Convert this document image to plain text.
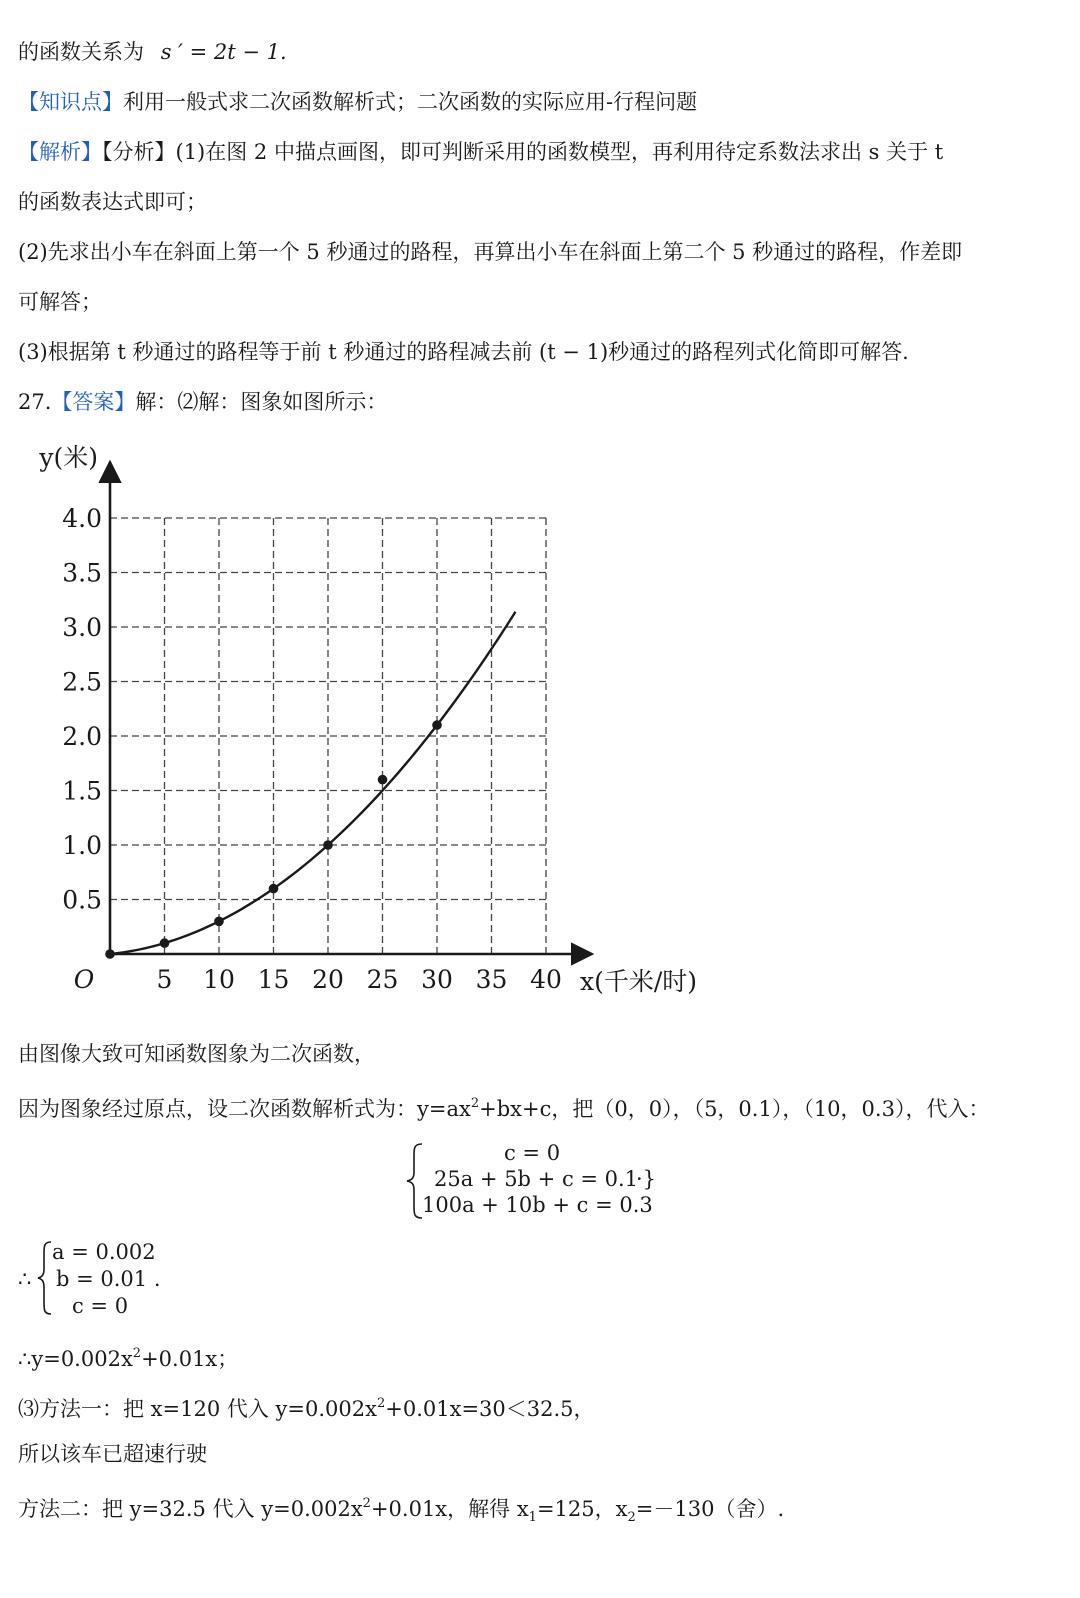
的函数关系为 s ′ = 2t − 1.
【知识点】利用一般式求二次函数解析式；二次函数的实际应用-行程问题
【解析】【分析】(1)在图 2 中描点画图，即可判断采用的函数模型，再利用待定系数法求出 s 关于 t
的函数表达式即可；
(2)先求出小车在斜面上第一个 5 秒通过的路程，再算出小车在斜面上第二个 5 秒通过的路程，作差即
可解答；
(3)根据第 t 秒通过的路程等于前 t 秒通过的路程减去前 (t − 1)秒通过的路程列式化简即可解答.
27.【答案】解：⑵解：图象如图所示：
5 10 15 20 25 30 35 40
0.5
1.0
1.5
2.0
2.5
3.0
3.5
4.0
O	x(千米/时)
y(米)
由图像大致可知函数图象为二次函数，
因为图象经过原点，设二次函数解析式为：$y=ax^2+bx+c$，把（0，0），（5，0.1），（10，0.3），代入：
c = 0
25a + 5b + c = 0.1
·}
100a + 10b + c = 0.3
∴
a = 0.002
b = 0.01 .
c = 0
$\therefore y=0.002x^2+0.01x$；
⑶方法一：把 x=120 代入 $y=0.002x^2+0.01x=30<32.5$，
所以该车已超速行驶
方法二：把 y=32.5 代入 $y=0.002x^2+0.01x$，解得 $x_1=125$，$x_2=-130$（舍）.
